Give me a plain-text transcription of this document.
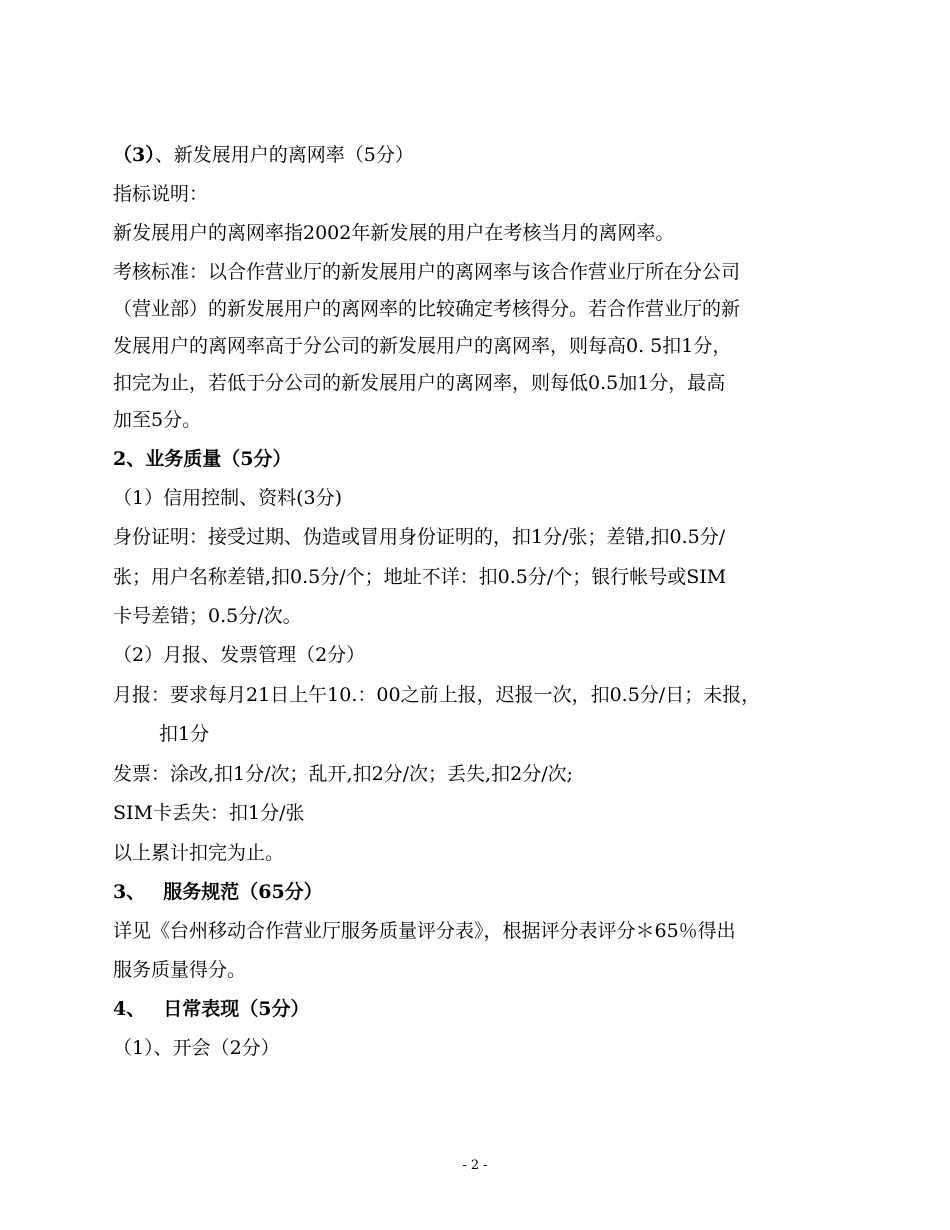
（3）、新发展用户的离网率（5分）
指标说明：
新发展用户的离网率指2002年新发展的用户在考核当月的离网率。
考核标准：以合作营业厅的新发展用户的离网率与该合作营业厅所在分公司
（营业部）的新发展用户的离网率的比较确定考核得分。若合作营业厅的新
发展用户的离网率高于分公司的新发展用户的离网率，则每高0. 5扣1分，
扣完为止，若低于分公司的新发展用户的离网率，则每低0.5加1分，最高
加至5分。
2、业务质量（5分）
（1）信用控制、资料(3分)
身份证明：接受过期、伪造或冒用身份证明的，扣1分/张；差错,扣0.5分/
张；用户名称差错,扣0.5分/个；地址不详：扣0.5分/个；银行帐号或SIM
卡号差错；0.5分/次。
（2）月报、发票管理（2分）
月报：要求每月21日上午10.：00之前上报，迟报一次，扣0.5分/日；未报，
扣1分
发票：涂改,扣1分/次；乱开,扣2分/次；丢失,扣2分/次;
SIM卡丢失：扣1分/张
以上累计扣完为止。
3、 服务规范（65分）
详见《台州移动合作营业厅服务质量评分表》，根据评分表评分＊65％得出
服务质量得分。
4、 日常表现（5分）
（1）、开会（2分）
- 2 -
